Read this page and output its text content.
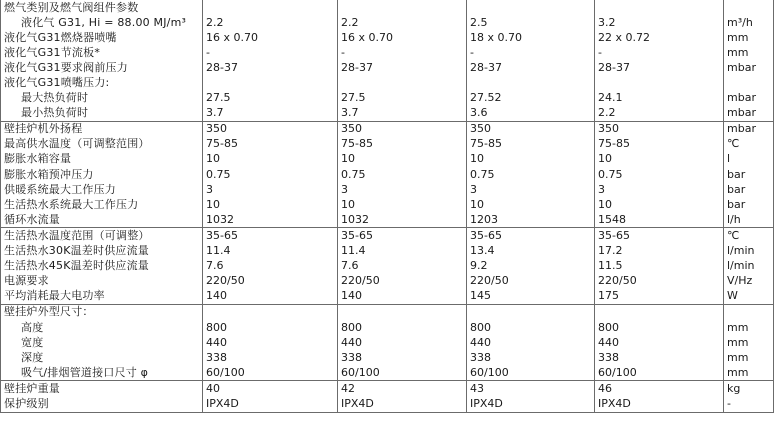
燃气类别及燃气阀组件参数					
液化气 G31, Hi = 88.00 MJ/m³	2.2	2.2	2.5	3.2	m³/h
液化气G31燃烧器喷嘴	16 x 0.70	16 x 0.70	18 x 0.70	22 x 0.72	mm
液化气G31节流板*	-	-	-	-	mm
液化气G31要求阀前压力	28-37	28-37	28-37	28-37	mbar
液化气G31喷嘴压力:					
最大热负荷时	27.5	27.5	27.52	24.1	mbar
最小热负荷时	3.7	3.7	3.6	2.2	mbar
壁挂炉机外扬程	350	350	350	350	mbar
最高供水温度（可调整范围）	75-85	75-85	75-85	75-85	℃
膨胀水箱容量	10	10	10	10	l
膨胀水箱预冲压力	0.75	0.75	0.75	0.75	bar
供暖系统最大工作压力	3	3	3	3	bar
生活热水系统最大工作压力	10	10	10	10	bar
循环水流量	1032	1032	1203	1548	l/h
生活热水温度范围（可调整）	35-65	35-65	35-65	35-65	℃
生活热水30K温差时供应流量	11.4	11.4	13.4	17.2	l/min
生活热水45K温差时供应流量	7.6	7.6	9.2	11.5	l/min
电源要求	220/50	220/50	220/50	220/50	V/Hz
平均消耗最大电功率	140	140	145	175	W
壁挂炉外型尺寸：					
高度	800	800	800	800	mm
宽度	440	440	440	440	mm
深度	338	338	338	338	mm
吸气/排烟管道接口尺寸 φ	60/100	60/100	60/100	60/100	mm
壁挂炉重量	40	42	43	46	kg
保护级别	IPX4D	IPX4D	IPX4D	IPX4D	-
